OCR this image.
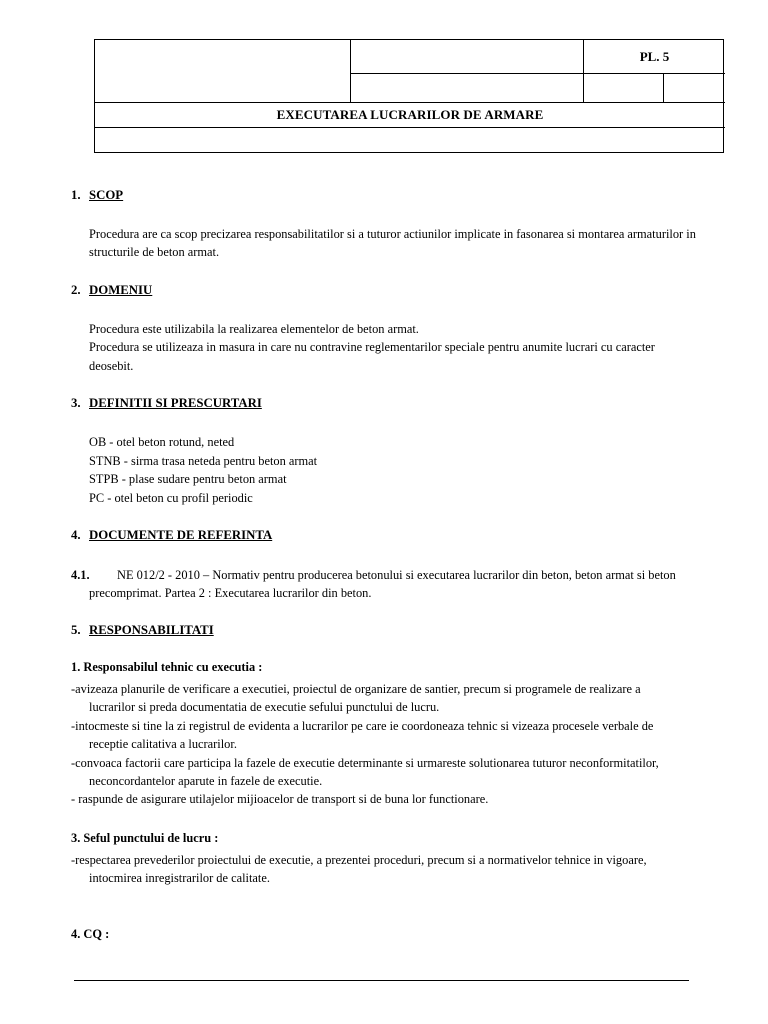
PL. 5
EXECUTAREA LUCRARILOR DE ARMARE
1. SCOP
Procedura are ca scop precizarea responsabilitatilor si a tuturor actiunilor implicate in fasonarea si montarea armaturilor in
structurile de beton armat.
2. DOMENIU
Procedura este utilizabila la realizarea elementelor de beton armat.
Procedura se utilizeaza in masura in care nu contravine reglementarilor speciale pentru anumite lucrari cu caracter
deosebit.
3. DEFINITII SI PRESCURTARI
OB - otel beton rotund, neted
STNB - sirma trasa neteda pentru beton armat
STPB - plase sudare pentru beton armat
PC - otel beton cu profil periodic
4. DOCUMENTE DE REFERINTA
4.1. NE 012/2 - 2010 – Normativ pentru producerea betonului si executarea lucrarilor din beton, beton armat si beton
precomprimat. Partea 2 : Executarea lucrarilor din beton.
5. RESPONSABILITATI
1. Responsabilul tehnic cu executia :
-avizeaza planurile de verificare a executiei, proiectul de organizare de santier, precum si programele de realizare a
lucrarilor si preda documentatia de executie sefului punctului de lucru.
-intocmeste si tine la zi registrul de evidenta a lucrarilor pe care ie coordoneaza tehnic si vizeaza procesele verbale de
receptie calitativa a lucrarilor.
-convoaca factorii care participa la fazele de executie determinante si urmareste solutionarea tuturor neconformitatilor,
neconcordantelor aparute in fazele de executie.
- raspunde de asigurare utilajelor mijioacelor de transport si de buna lor functionare.
3. Seful punctului de lucru :
-respectarea prevederilor proiectului de executie, a prezentei proceduri, precum si a normativelor tehnice in vigoare,
intocmirea inregistrarilor de calitate.
4. CQ :
